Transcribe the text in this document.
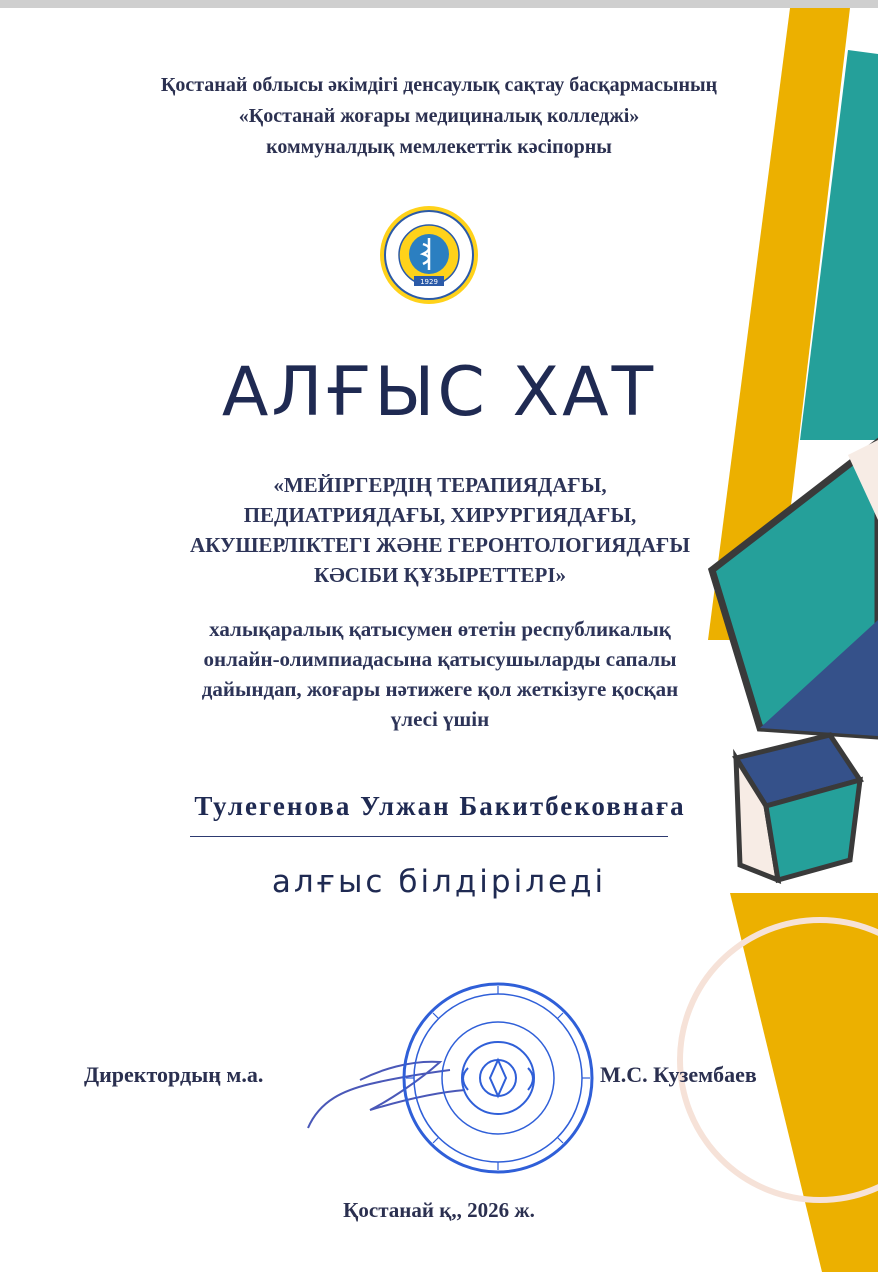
Қостанай облысы әкімдігі денсаулық сақтау басқармасының
«Қостанай жоғары медициналық колледжі»
коммуналдық мемлекеттік кәсіпорны
1929
АЛҒЫС ХАТ
«МЕЙІРГЕРДІҢ ТЕРАПИЯДАҒЫ,
ПЕДИАТРИЯДАҒЫ, ХИРУРГИЯДАҒЫ,
АКУШЕРЛІКТЕГІ ЖӘНЕ ГЕРОНТОЛОГИЯДАҒЫ
КӘСІБИ ҚҰЗЫРЕТТЕРІ»
халықаралық қатысумен өтетін республикалық
онлайн-олимпиадасына қатысушыларды сапалы
дайындап, жоғары нәтижеге қол жеткізуге қосқан
үлесі үшін
Тулегенова Улжан Бакитбековнаға
алғыс білдіріледі
Директордың м.а.	М.С. Кузембаев
Қостанай қ,, 2026 ж.
